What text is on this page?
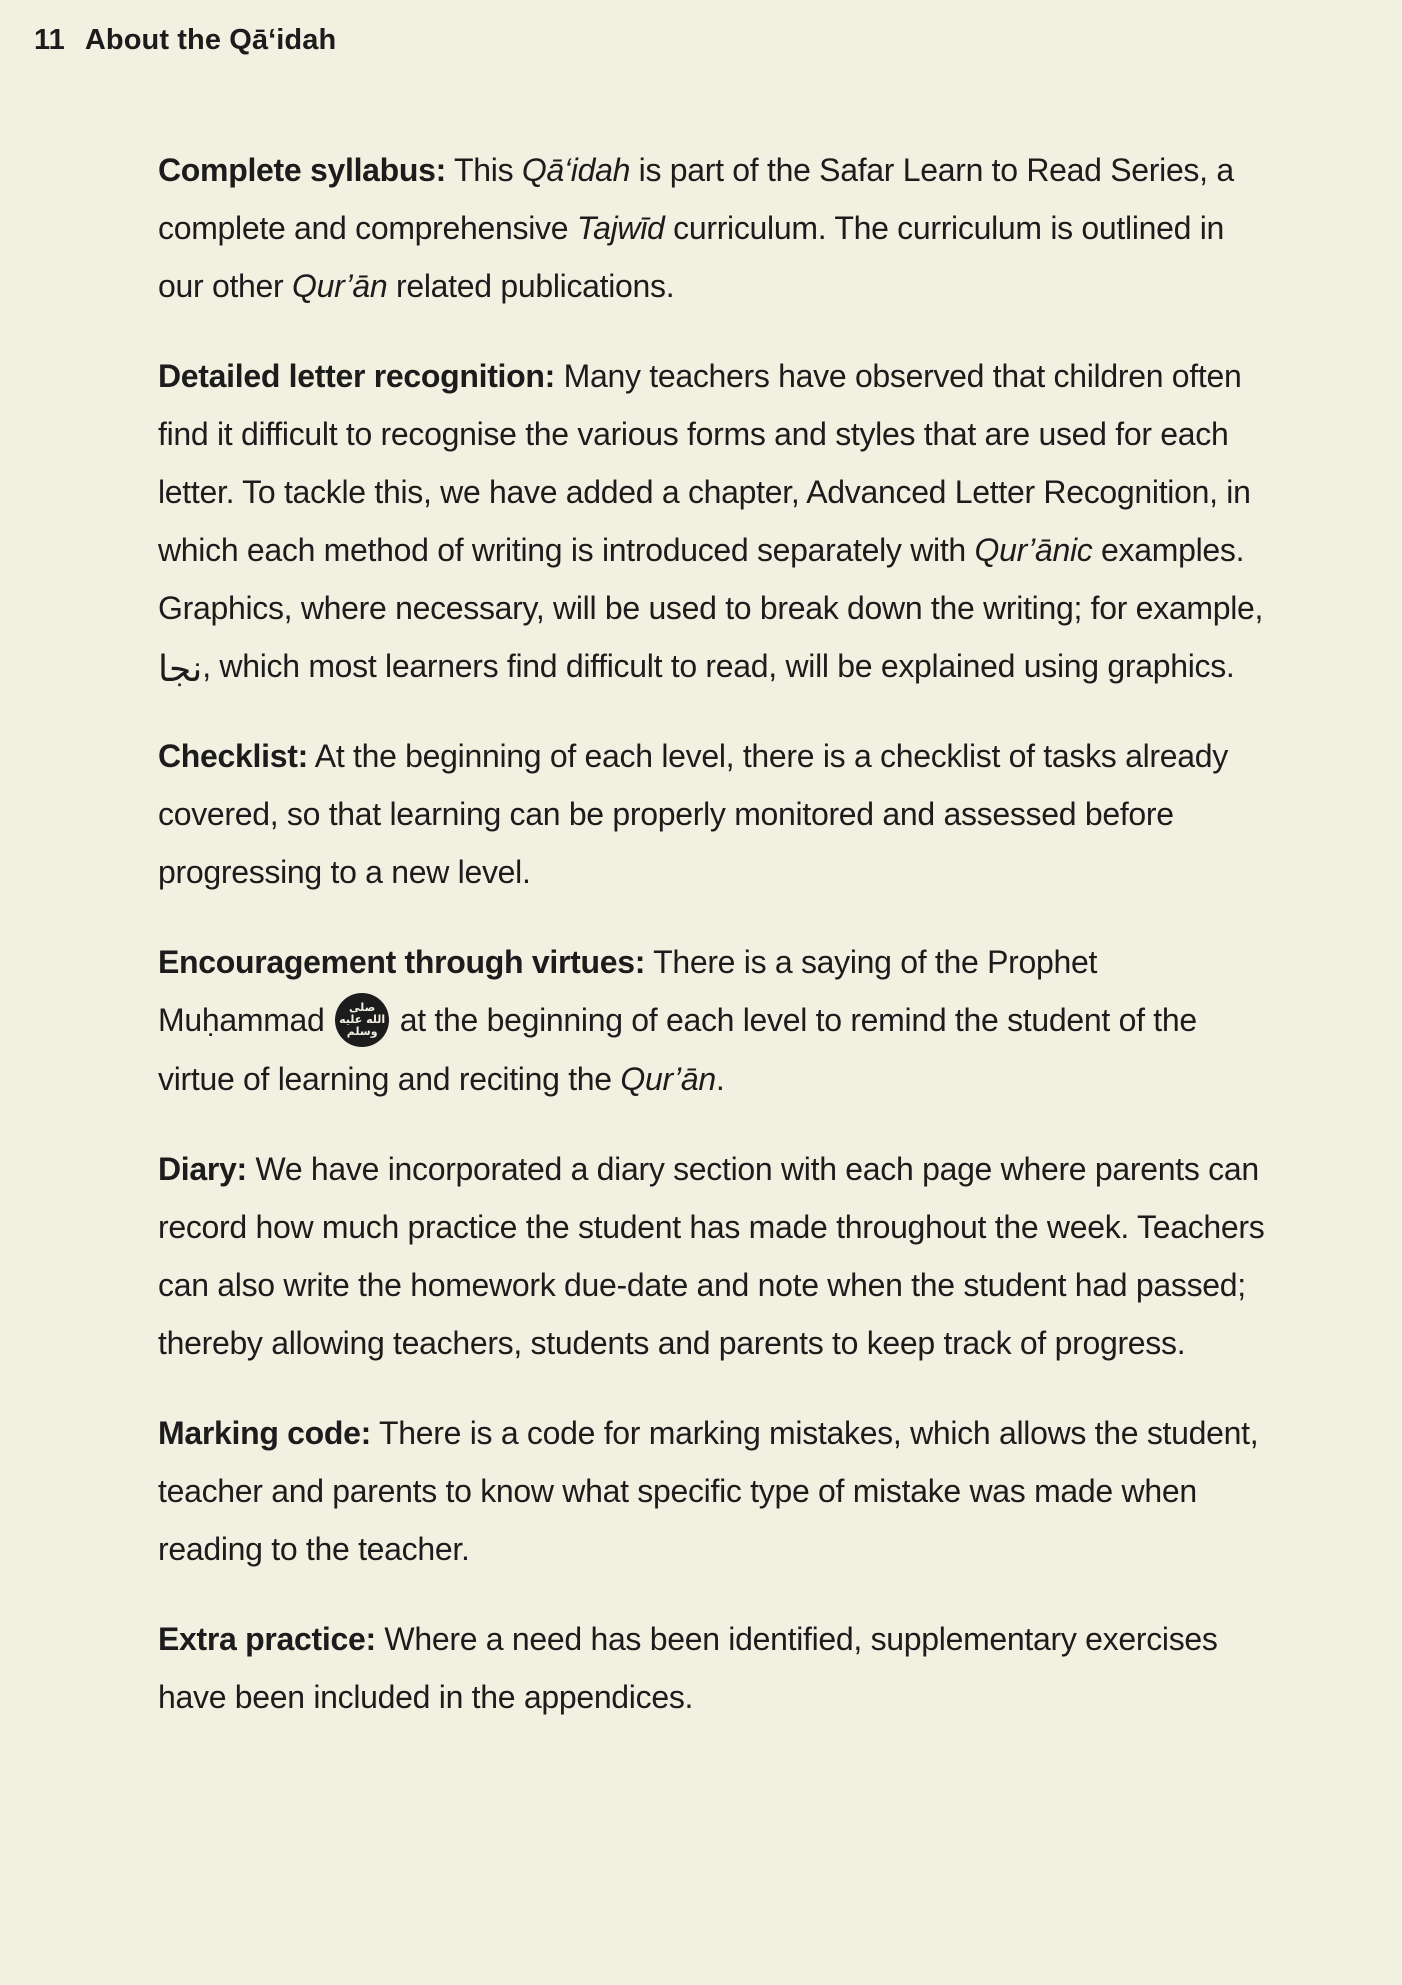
11 About the Qā‘idah

Complete syllabus: This Qā‘idah is part of the Safar Learn to Read Series, a complete and comprehensive Tajwīd curriculum. The curriculum is outlined in our other Qur’ān related publications.

Detailed letter recognition: Many teachers have observed that children often find it difficult to recognise the various forms and styles that are used for each letter. To tackle this, we have added a chapter, Advanced Letter Recognition, in which each method of writing is introduced separately with Qur’ānic examples. Graphics, where necessary, will be used to break down the writing; for example, نجا, which most learners find difficult to read, will be explained using graphics.

Checklist: At the beginning of each level, there is a checklist of tasks already covered, so that learning can be properly monitored and assessed before progressing to a new level.

Encouragement through virtues: There is a saying of the Prophet Muḥammad	صلى
الله عليه
وسلم at the beginning of each level to remind the student of the virtue of learning and reciting the Qur’ān.

Diary: We have incorporated a diary section with each page where parents can record how much practice the student has made throughout the week. Teachers can also write the homework due-date and note when the student had passed; thereby allowing teachers, students and parents to keep track of progress.

Marking code: There is a code for marking mistakes, which allows the student, teacher and parents to know what specific type of mistake was made when reading to the teacher.

Extra practice: Where a need has been identified, supplementary exercises have been included in the appendices.
